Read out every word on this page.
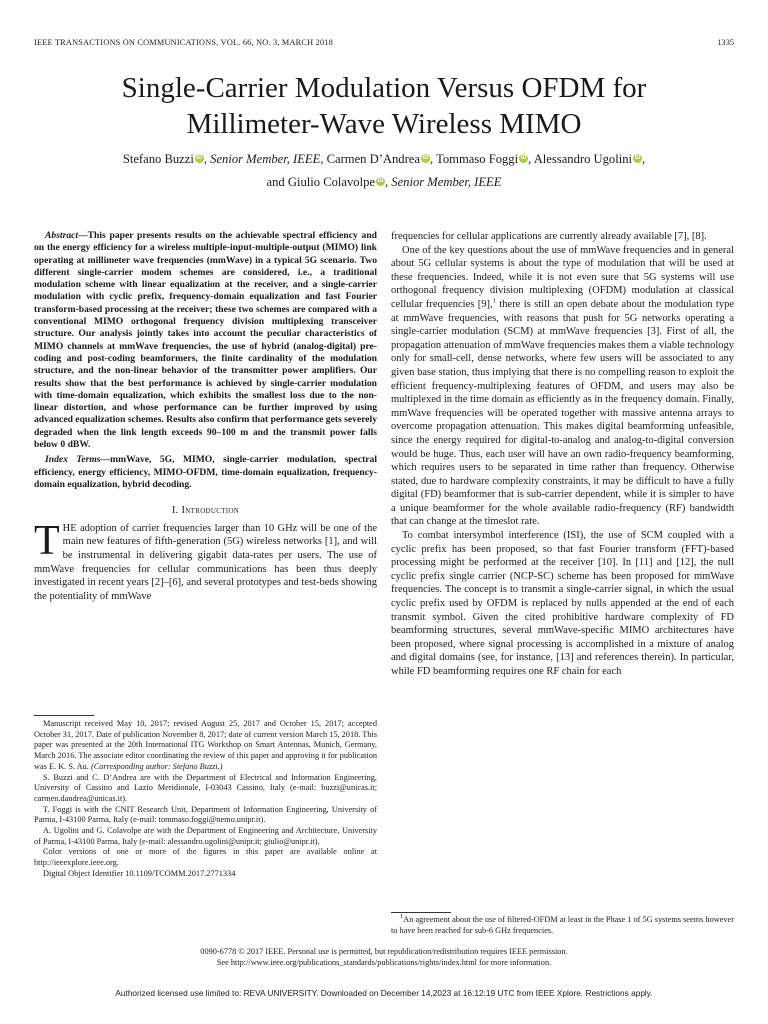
IEEE TRANSACTIONS ON COMMUNICATIONS, VOL. 66, NO. 3, MARCH 2018	1335
Single-Carrier Modulation Versus OFDM for
Millimeter-Wave Wireless MIMO
Stefano Buzzi iD , Senior Member, IEEE, Carmen D’Andrea iD , Tommaso Foggi iD , Alessandro Ugolini iD ,
and Giulio Colavolpe iD , Senior Member, IEEE

Abstract—This paper presents results on the achievable spectral efficiency and on the energy efficiency for a wireless multiple-input-multiple-output (MIMO) link operating at millimeter wave frequencies (mmWave) in a typical 5G scenario. Two different single-carrier modem schemes are considered, i.e., a traditional modulation scheme with linear equalization at the receiver, and a single-carrier modulation with cyclic prefix, frequency-domain equalization and fast Fourier transform-based processing at the receiver; these two schemes are compared with a conventional MIMO orthogonal frequency division multiplexing transceiver structure. Our analysis jointly takes into account the peculiar characteristics of MIMO channels at mmWave frequencies, the use of hybrid (analog-digital) pre-coding and post-coding beamformers, the finite cardinality of the modulation structure, and the non-linear behavior of the transmitter power amplifiers. Our results show that the best performance is achieved by single-carrier modulation with time-domain equalization, which exhibits the smallest loss due to the non-linear distortion, and whose performance can be further improved by using advanced equalization schemes. Results also confirm that performance gets severely degraded when the link length exceeds 90–100 m and the transmit power falls below 0 dBW.

Index Terms—mmWave, 5G, MIMO, single-carrier modulation, spectral efficiency, energy efficiency, MIMO-OFDM, time-domain equalization, frequency-domain equalization, hybrid decoding.

I. Introduction

THE adoption of carrier frequencies larger than 10 GHz will be one of the main new features of fifth-generation (5G) wireless networks [1], and will be instrumental in delivering gigabit data-rates per users. The use of mmWave frequencies for cellular communications has been thus deeply investigated in recent years [2]–[6], and several prototypes and test-beds showing the potentiality of mmWave

Manuscript received May 10, 2017; revised August 25, 2017 and October 15, 2017; accepted October 31, 2017. Date of publication November 8, 2017; date of current version March 15, 2018. This paper was presented at the 20th International ITG Workshop on Smart Antennas, Munich, Germany, March 2016. The associate editor coordinating the review of this paper and approving it for publication was E. K. S. Au. (Corresponding author: Stefano Buzzi.)

S. Buzzi and C. D’Andrea are with the Department of Electrical and Information Engineering, University of Cassino and Lazio Meridionale, I-03043 Cassino, Italy (e-mail: buzzi@unicas.it; carmen.dandrea@unicas.it).

T. Foggi is with the CNIT Research Unit, Department of Information Engineering, University of Parma, I-43100 Parma, Italy (e-mail: tommaso.foggi@nemo.unipr.it).

A. Ugolini and G. Colavolpe are with the Department of Engineering and Architecture, University of Parma, I-43100 Parma, Italy (e-mail: alessandro.ugolini@unipr.it; giulio@unipr.it).

Color versions of one or more of the figures in this paper are available online at http://ieeexplore.ieee.org.

Digital Object Identifier 10.1109/TCOMM.2017.2771334

frequencies for cellular applications are currently already available [7], [8].

One of the key questions about the use of mmWave frequencies and in general about 5G cellular systems is about the type of modulation that will be used at these frequencies. Indeed, while it is not even sure that 5G systems will use orthogonal frequency division multiplexing (OFDM) modulation at classical cellular frequencies [9],$^1$ there is still an open debate about the modulation type at mmWave frequencies, with reasons that push for 5G networks operating a single-carrier modulation (SCM) at mmWave frequencies [3]. First of all, the propagation attenuation of mmWave frequencies makes them a viable technology only for small-cell, dense networks, where few users will be associated to any given base station, thus implying that there is no compelling reason to exploit the efficient frequency-multiplexing features of OFDM, and users may also be multiplexed in the time domain as efficiently as in the frequency domain. Finally, mmWave frequencies will be operated together with massive antenna arrays to overcome propagation attenuation. This makes digital beamforming unfeasible, since the energy required for digital-to-analog and analog-to-digital conversion would be huge. Thus, each user will have an own radio-frequency beamforming, which requires users to be separated in time rather than frequency. Otherwise stated, due to hardware complexity constraints, it may be difficult to have a fully digital (FD) beamformer that is sub-carrier dependent, while it is simpler to have a unique beamformer for the whole available radio-frequency (RF) bandwidth that can change at the timeslot rate.

To combat intersymbol interference (ISI), the use of SCM coupled with a cyclic prefix has been proposed, so that fast Fourier transform (FFT)-based processing might be performed at the receiver [10]. In [11] and [12], the null cyclic prefix single carrier (NCP-SC) scheme has been proposed for mmWave frequencies. The concept is to transmit a single-carrier signal, in which the usual cyclic prefix used by OFDM is replaced by nulls appended at the end of each transmit symbol. Given the cited prohibitive hardware complexity of FD beamforming structures, several mmWave-specific MIMO architectures have been proposed, where signal processing is accomplished in a mixture of analog and digital domains (see, for instance, [13] and references therein). In particular, while FD beamforming requires one RF chain for each

$^1$An agreement about the use of filtered-OFDM at least in the Phase 1 of 5G systems seems however to have been reached for sub-6 GHz frequencies.
0090-6778 © 2017 IEEE. Personal use is permitted, but republication/redistribution requires IEEE permission.
See http://www.ieee.org/publications_standards/publications/rights/index.html for more information.
Authorized licensed use limited to: REVA UNIVERSITY. Downloaded on December 14,2023 at 16:12:19 UTC from IEEE Xplore. Restrictions apply.
